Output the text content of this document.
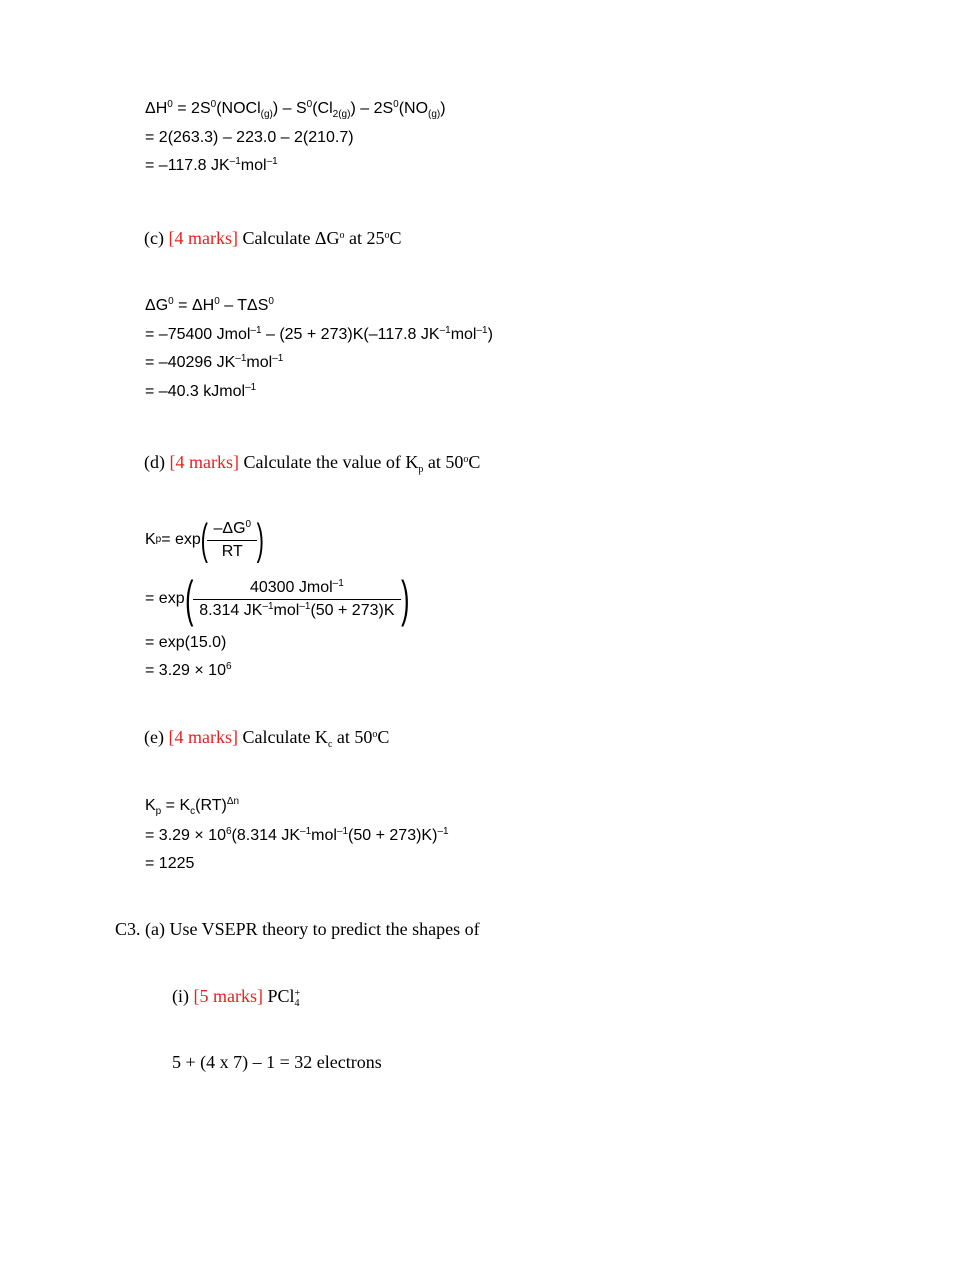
$\Delta H^0$ = $2S^0(NOCl_{(g)}) - S^0(Cl_{2(g)}) - 2S^0(NO_{(g)})$
= 2(263.3) – 223.0 – 2(210.7)
= –117.8 $JK^{-1}mol^{-1}$
(c) [4 marks] Calculate $\Delta G^o$ at 25$^o$C
$\Delta G^0 = \Delta H^0 - T\Delta S^0$
= –75400 Jmol$^{-1}$ – (25 + 273)K(–117.8 $JK^{-1}mol^{-1}$)
= –40296 $JK^{-1}mol^{-1}$
= –40.3 kJmol$^{-1}$
(d) [4 marks] Calculate the value of $K_p$ at 50$^o$C
K p = exp ( $\frac{-\Delta G^0}{RT}$ )
= exp ( $\frac{40300 Jmol^{-1}}{8.314 JK^{-1}mol^{-1}(50 + 273)K}$ )
= exp(15.0)
= $3.29 \times 10^6$
(e) [4 marks] Calculate $K_c$ at 50$^o$C
$K_p = K_c(RT)^{\Delta n}$
= $3.29 \times 10^6(8.314$ $JK^{-1}mol^{-1}(50 + 273)K)^{-1}$
= 1225
C3. (a) Use VSEPR theory to predict the shapes of
(i) [5 marks] PCl$_4$+
5 + (4 x 7) – 1 = 32 electrons
